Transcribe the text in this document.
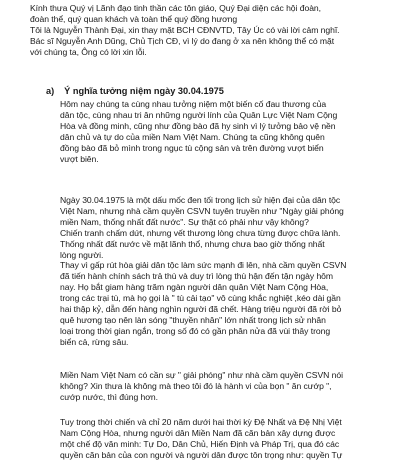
Kính thưa Quý vị Lãnh đạo tinh thần các tôn giáo, Quý Đại diện các hội đoàn,
đoàn thể, quý quan khách và toàn thể quý đồng hương
Tôi là Nguyễn Thành Đại, xin thay mặt BCH CĐNVTD, Tây Úc có vài lời cảm nghĩ.
Bác sĩ Nguyễn Anh Dũng, Chủ Tịch CĐ, vì lý do đang ở xa nên không thể có mặt
với chúng ta, Ông có lời xin lỗi.

a) Ý nghĩa tưởng niệm ngày 30.04.1975

Hôm nay chúng ta cùng nhau tưởng niệm một biến cố đau thương của
dân tộc, cùng nhau tri ân những người lính của Quân Lực Việt Nam Cộng
Hòa và đồng minh, cũng như đồng bào đã hy sinh vì lý tưởng bảo vệ nền
dân chủ và tự do của miền Nam Việt Nam. Chúng ta cũng không quên
đồng bào đã bỏ mình trong ngục tù cộng sản và trên đường vượt biển
vượt biên.

Ngày 30.04.1975 là một dấu mốc đen tối trong lịch sử hiện đại của dân tộc
Việt Nam, nhưng nhà cầm quyền CSVN tuyên truyền như "Ngày giải phóng
miền Nam, thống nhất đất nước". Sự thật có phải như vậy không?
Chiến tranh chấm dứt, nhưng vết thương lòng chưa từng được chữa lành.
Thống nhất đất nước về mặt lãnh thổ, nhưng chưa bao giờ thống nhất
lòng người.

Thay vì gấp rút hòa giải dân tộc làm sức mạnh đi lên, nhà cầm quyền CSVN
đã tiến hành chính sách trả thù và duy trì lòng thù hận đến tận ngày hôm
nay. Họ bắt giam hàng trăm ngàn người dân quân Việt Nam Cộng Hòa,
trong các trại tù, mà họ gọi là " tù cải tạo" vô cùng khắc nghiệt ,kéo dài gần
hai thập kỷ, dẫn đến hàng nghìn người đã chết. Hàng triệu người đã rời bỏ
quê hương tạo nên làn sóng "thuyền nhân" lớn nhất trong lịch sử nhân
loại trong thời gian ngắn, trong số đó có gần phân nửa đã vùi thây trong
biển cả, rừng sâu.

Miền Nam Việt Nam có cần sự " giải phóng" như nhà cầm quyền CSVN nói
không? Xin thưa là không mà theo tôi đó là hành vi của bọn " ăn cướp ",
cướp nước, thì đúng hơn.

Tuy trong thời chiến và chỉ 20 năm dưới hai thời kỳ Đệ Nhất và Đệ Nhị Việt
Nam Cộng Hòa, nhưng người dân Miền Nam đã căn bản xây dựng được
một chế độ văn minh: Tự Do, Dân Chủ, Hiến Định và Pháp Trị, qua đó các
quyền căn bản của con người và người dân được tôn trọng như: quyền Tự
